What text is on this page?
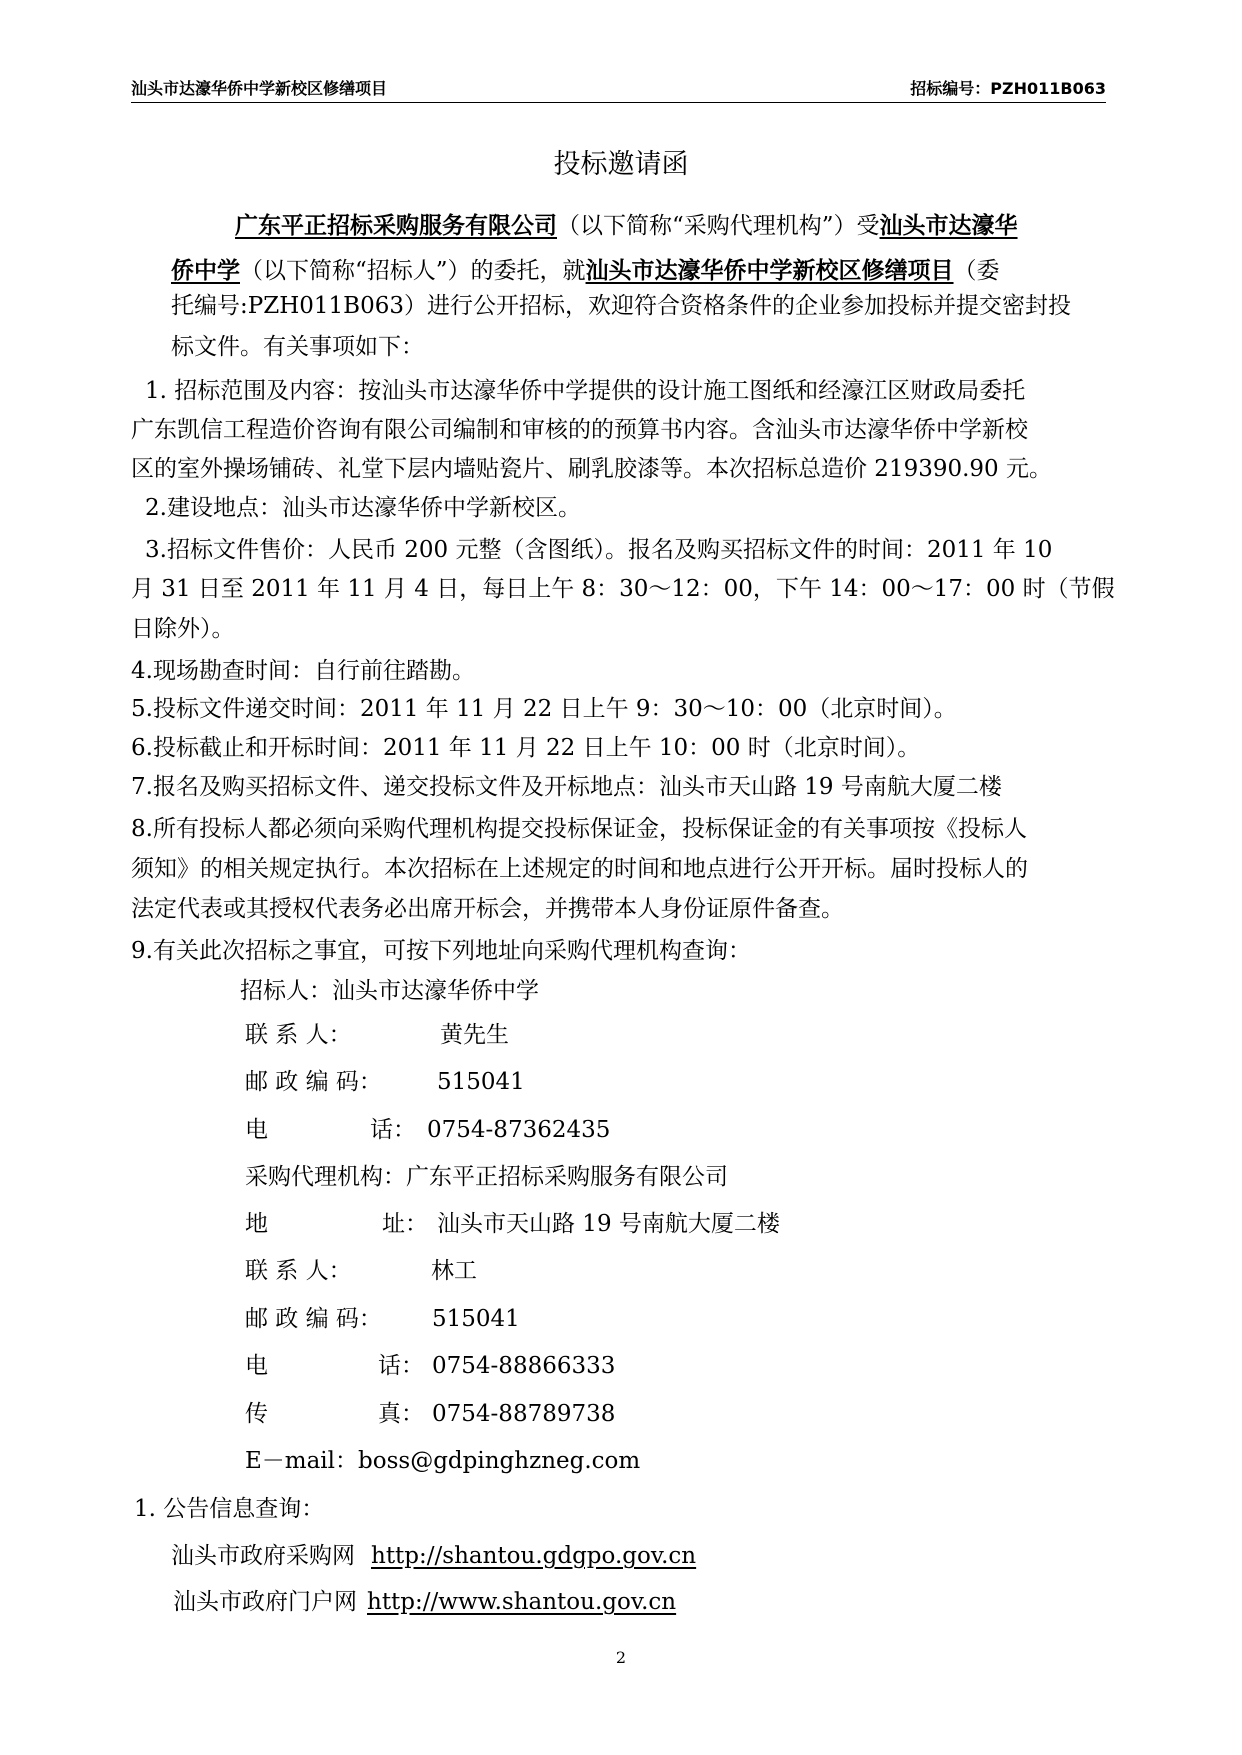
汕头市达濠华侨中学新校区修缮项目	招标编号：PZH011B063
投标邀请函
广东平正招标采购服务有限公司（以下简称“采购代理机构”）受汕头市达濠华
侨中学（以下简称“招标人”）的委托，就汕头市达濠华侨中学新校区修缮项目（委
托编号:PZH011B063）进行公开招标，欢迎符合资格条件的企业参加投标并提交密封投
标文件。有关事项如下：
1. 招标范围及内容：按汕头市达濠华侨中学提供的设计施工图纸和经濠江区财政局委托
广东凯信工程造价咨询有限公司编制和审核的的预算书内容。含汕头市达濠华侨中学新校
区的室外操场铺砖、礼堂下层内墙贴瓷片、刷乳胶漆等。本次招标总造价 219390.90 元。
2.建设地点：汕头市达濠华侨中学新校区。
3.招标文件售价：人民币 200 元整（含图纸）。报名及购买招标文件的时间：2011 年 10
月 31 日至 2011 年 11 月 4 日，每日上午 8：30～12：00，下午 14：00～17：00 时（节假
日除外）。
4.现场勘查时间：自行前往踏勘。
5.投标文件递交时间：2011 年 11 月 22 日上午 9：30～10：00（北京时间）。
6.投标截止和开标时间：2011 年 11 月 22 日上午 10：00 时（北京时间）。
7.报名及购买招标文件、递交投标文件及开标地点：汕头市天山路 19 号南航大厦二楼
8.所有投标人都必须向采购代理机构提交投标保证金，投标保证金的有关事项按《投标人
须知》的相关规定执行。本次招标在上述规定的时间和地点进行公开开标。届时投标人的
法定代表或其授权代表务必出席开标会，并携带本人身份证原件备查。
9.有关此次招标之事宜，可按下列地址向采购代理机构查询：
招标人：汕头市达濠华侨中学
联 系 人：	黄先生
邮 政 编 码： 515041
电	话： 0754-87362435
采购代理机构：广东平正招标采购服务有限公司
地	址： 汕头市天山路 19 号南航大厦二楼
联 系 人：	林工
邮 政 编 码： 515041
电	话： 0754-88866333
传	真： 0754-88789738
E－mail：boss@gdpinghzneg.com
1. 公告信息查询：
汕头市政府采购网 http://shantou.gdgpo.gov.cn
汕头市政府门户网 http://www.shantou.gov.cn
2
